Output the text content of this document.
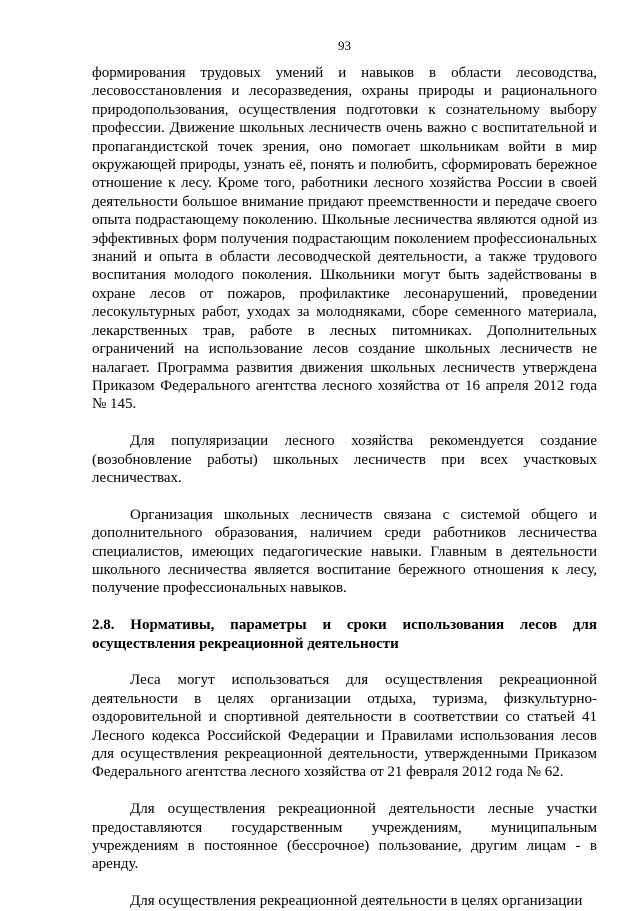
93

формирования трудовых умений и навыков в области лесоводства, лесовосстановления и лесоразведения, охраны природы и рационального природопользования, осуществления подготовки к сознательному выбору профессии. Движение школьных лесничеств очень важно с воспитательной и пропагандистской точек зрения, оно помогает школьникам войти в мир окружающей природы, узнать её, понять и полюбить, сформировать бережное отношение к лесу. Кроме того, работники лесного хозяйства России в своей деятельности большое внимание придают преемственности и передаче своего опыта подрастающему поколению. Школьные лесничества являются одной из эффективных форм получения подрастающим поколением профессиональных знаний и опыта в области лесоводческой деятельности, а также трудового воспитания молодого поколения. Школьники могут быть задействованы в охране лесов от пожаров, профилактике лесонарушений, проведении лесокультурных работ, уходах за молодняками, сборе семенного материала, лекарственных трав, работе в лесных питомниках. Дополнительных ограничений на использование лесов создание школьных лесничеств не налагает. Программа развития движения школьных лесничеств утверждена Приказом Федерального агентства лесного хозяйства от 16 апреля 2012 года № 145.

Для популяризации лесного хозяйства рекомендуется создание (возобновление работы) школьных лесничеств при всех участковых лесничествах.

Организация школьных лесничеств связана с системой общего и дополнительного образования, наличием среди работников лесничества специалистов, имеющих педагогические навыки. Главным в деятельности школьного лесничества является воспитание бережного отношения к лесу, получение профессиональных навыков.

2.8. Нормативы, параметры и сроки использования лесов для осуществления рекреационной деятельности

Леса могут использоваться для осуществления рекреационной деятельности в целях организации отдыха, туризма, физкультурно-оздоровительной и спортивной деятельности в соответствии со статьей 41 Лесного кодекса Российской Федерации и Правилами использования лесов для осуществления рекреационной деятельности, утвержденными Приказом Федерального агентства лесного хозяйства от 21 февраля 2012 года № 62.

Для осуществления рекреационной деятельности лесные участки предоставляются государственным учреждениям, муниципальным учреждениям в постоянное (бессрочное) пользование, другим лицам - в аренду.

Для осуществления рекреационной деятельности в целях организации
